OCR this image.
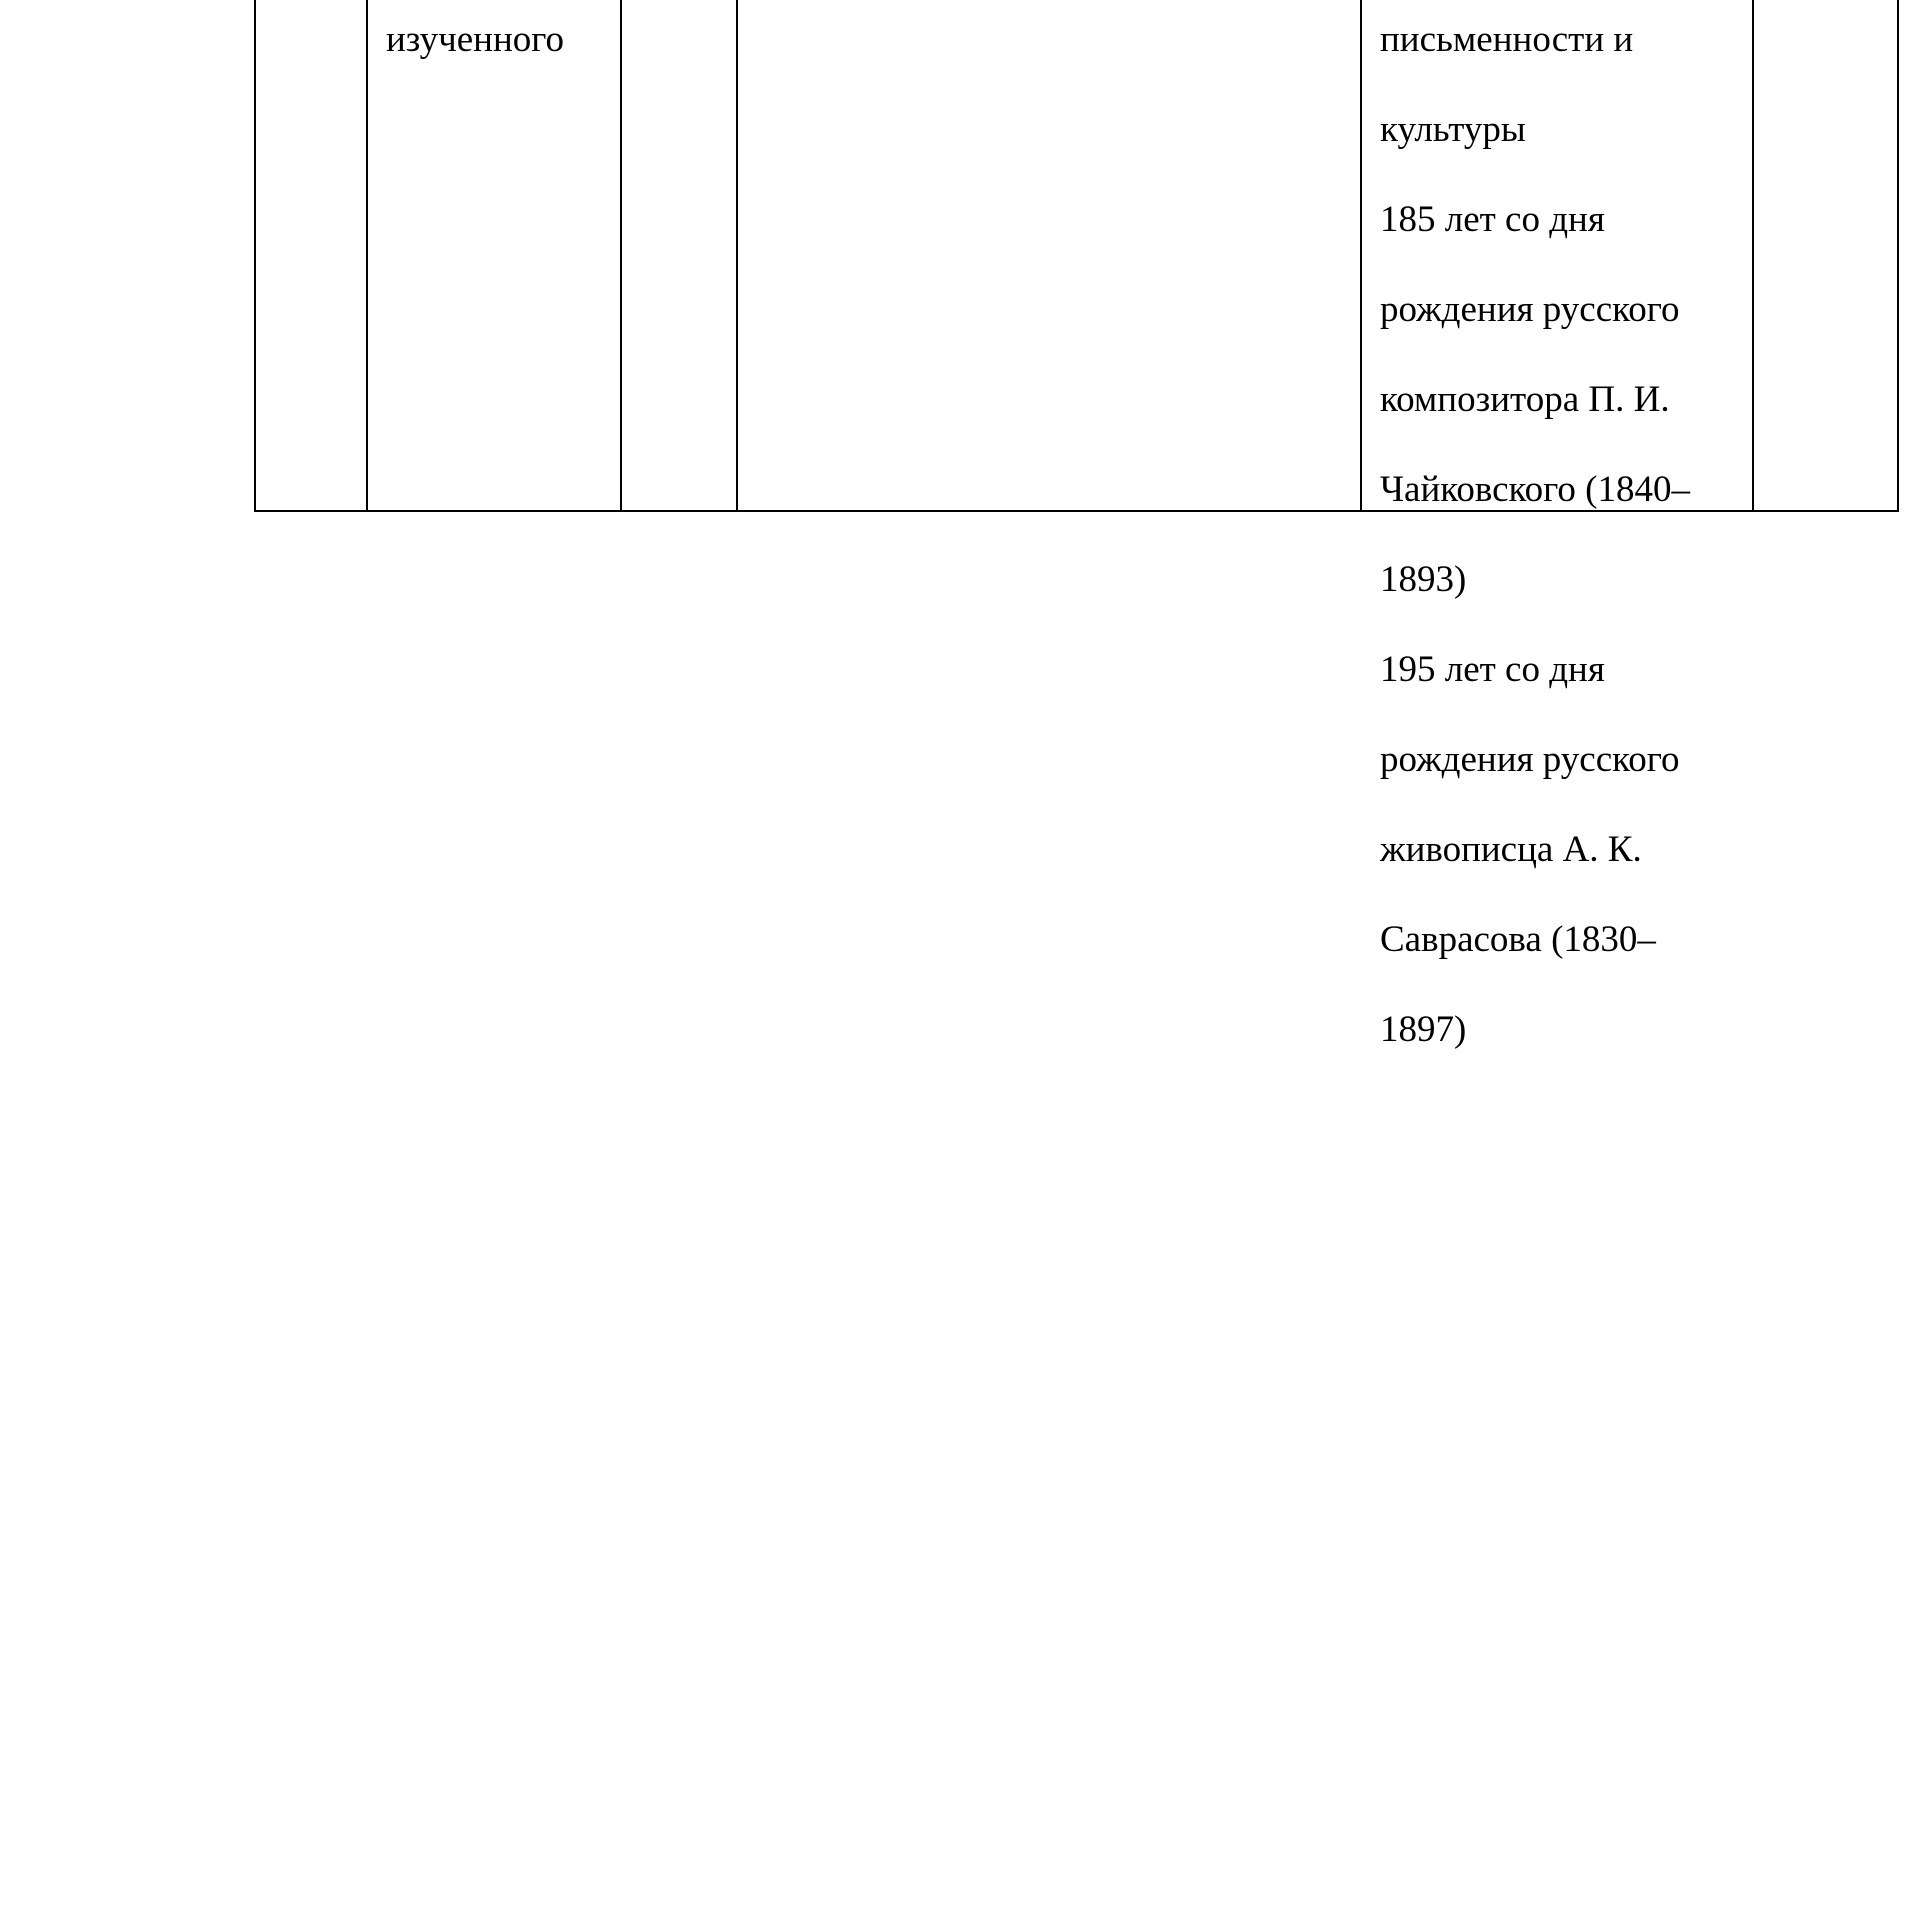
изученного	письменности и

культуры

185 лет со дня

рождения русского

композитора П. И.

Чайковского (1840–

1893)

195 лет со дня

рождения русского

живописца А. К.

Саврасова (1830–

1897)
